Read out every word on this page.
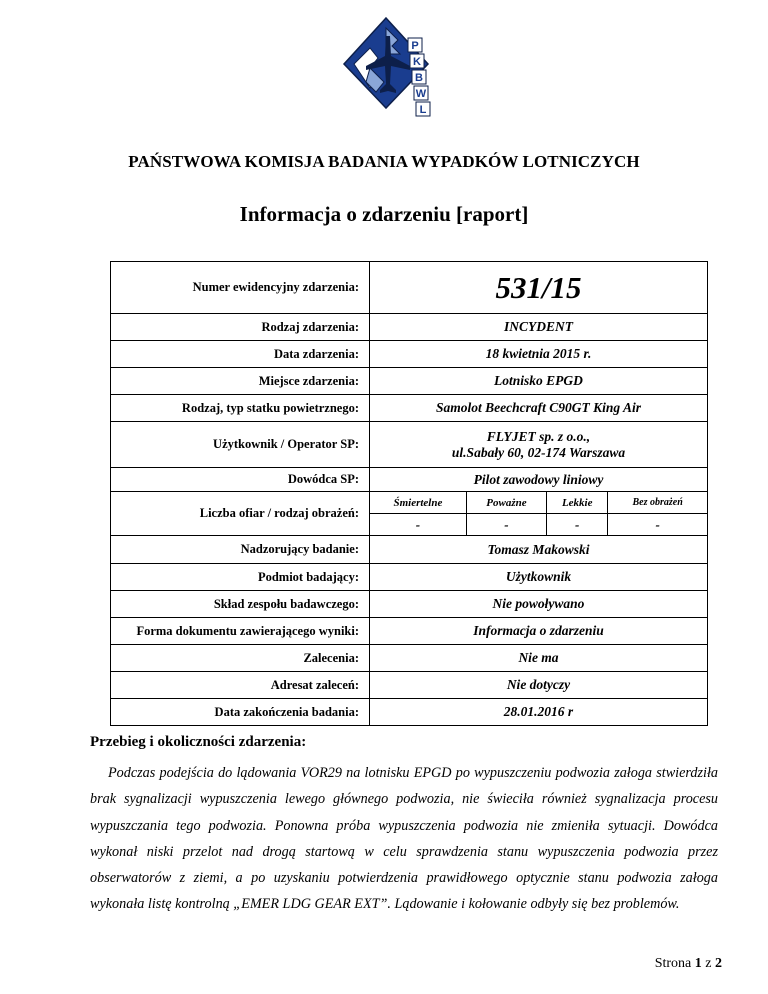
P
K
B
W
L
PAŃSTWOWA KOMISJA BADANIA WYPADKÓW LOTNICZYCH
Informacja o zdarzeniu [raport]
Numer ewidencyjny zdarzenia:	531/15			
Rodzaj zdarzenia:	INCYDENT			
Data zdarzenia:	18 kwietnia 2015 r.			
Miejsce zdarzenia:	Lotnisko EPGD			
Rodzaj, typ statku powietrznego:	Samolot Beechcraft C90GT King Air			
Użytkownik / Operator SP:	FLYJET sp. z o.o.,
ul.Sabały 60, 02-174 Warszawa			

Dowódca SP:	Pilot zawodowy liniowy			
Liczba ofiar / rodzaj obrażeń:	Śmiertelne	Poważne	Lekkie	Bez obrażeń
	-	-	-	-
Nadzorujący badanie:	Tomasz Makowski			
Podmiot badający:	Użytkownik			
Skład zespołu badawczego:	Nie powoływano			
Forma dokumentu zawierającego wyniki:	Informacja o zdarzeniu			
Zalecenia:	Nie ma			
Adresat zaleceń:	Nie dotyczy			
Data zakończenia badania:	28.01.2016 r			
Przebieg i okoliczności zdarzenia:

Podczas podejścia do lądowania VOR29 na lotnisku EPGD po wypuszczeniu podwozia załoga stwierdziła brak sygnalizacji wypuszczenia lewego głównego podwozia, nie świeciła również sygnalizacja procesu wypuszczania tego podwozia. Ponowna próba wypuszczenia podwozia nie zmieniła sytuacji. Dowódca wykonał niski przelot nad drogą startową w celu sprawdzenia stanu wypuszczenia podwozia przez obserwatorów z ziemi, a po uzyskaniu potwierdzenia prawidłowego optycznie stanu podwozia załoga wykonała listę kontrolną „EMER LDG GEAR EXT”. Lądowanie i kołowanie odbyły się bez problemów.

Strona 1 z 2
